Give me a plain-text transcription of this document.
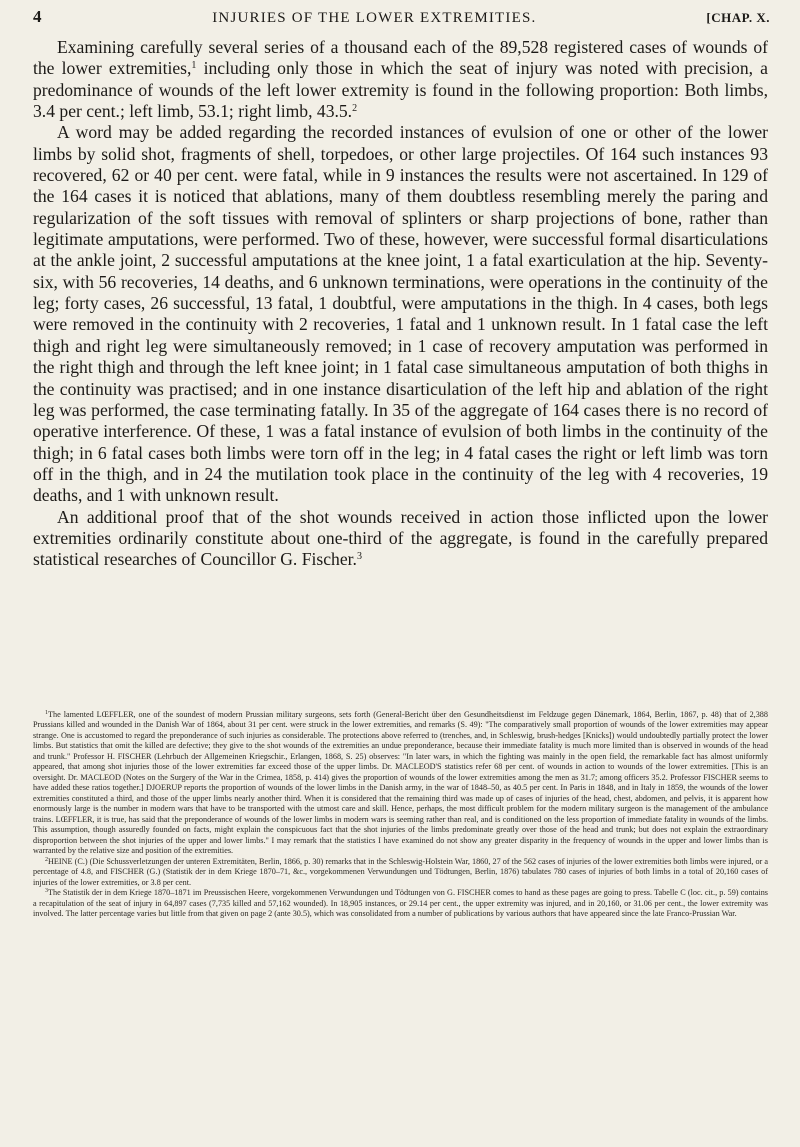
4	INJURIES OF THE LOWER EXTREMITIES.	[CHAP. X.

Examining carefully several series of a thousand each of the 89,528 registered cases of wounds of the lower extremities,$^1$ including only those in which the seat of injury was noted with precision, a predominance of wounds of the left lower extremity is found in the following proportion: Both limbs, 3.4 per cent.; left limb, 53.1; right limb, 43.5.$^2$

A word may be added regarding the recorded instances of evulsion of one or other of the lower limbs by solid shot, fragments of shell, torpedoes, or other large projectiles. Of 164 such instances 93 recovered, 62 or 40 per cent. were fatal, while in 9 instances the results were not ascertained. In 129 of the 164 cases it is noticed that ablations, many of them doubtless resembling merely the paring and regularization of the soft tissues with removal of splinters or sharp projections of bone, rather than legitimate amputations, were performed. Two of these, however, were successful formal disarticulations at the ankle joint, 2 successful amputations at the knee joint, 1 a fatal exarticulation at the hip. Seventy-six, with 56 recoveries, 14 deaths, and 6 unknown terminations, were operations in the continuity of the leg; forty cases, 26 successful, 13 fatal, 1 doubtful, were amputations in the thigh. In 4 cases, both legs were removed in the continuity with 2 recoveries, 1 fatal and 1 unknown result. In 1 fatal case the left thigh and right leg were simultaneously removed; in 1 case of recovery amputation was performed in the right thigh and through the left knee joint; in 1 fatal case simultaneous amputation of both thighs in the continuity was practised; and in one instance disarticulation of the left hip and ablation of the right leg was performed, the case terminating fatally. In 35 of the aggregate of 164 cases there is no record of operative interference. Of these, 1 was a fatal instance of evulsion of both limbs in the continuity of the thigh; in 6 fatal cases both limbs were torn off in the leg; in 4 fatal cases the right or left limb was torn off in the thigh, and in 24 the mutilation took place in the continuity of the leg with 4 recoveries, 19 deaths, and 1 with unknown result.

An additional proof that of the shot wounds received in action those inflicted upon the lower extremities ordinarily constitute about one-third of the aggregate, is found in the carefully prepared statistical researches of Councillor G. Fischer.$^3$

$^1$The lamented LŒFFLER, one of the soundest of modern Prussian military surgeons, sets forth (General-Bericht über den Gesundheitsdienst im Feldzuge gegen Dänemark, 1864, Berlin, 1867, p. 48) that of 2,388 Prussians killed and wounded in the Danish War of 1864, about 31 per cent. were struck in the lower extremities, and remarks (S. 49): "The comparatively small proportion of wounds of the lower extremities may appear strange. One is accustomed to regard the preponderance of such injuries as considerable. The protections above referred to (trenches, and, in Schleswig, brush-hedges [Knicks]) would undoubtedly partially protect the lower limbs. But statistics that omit the killed are defective; they give to the shot wounds of the extremities an undue preponderance, because their immediate fatality is much more limited than is observed in wounds of the head and trunk." Professor H. FISCHER (Lehrbuch der Allgemeinen Kriegschir., Erlangen, 1868, S. 25) observes: "In later wars, in which the fighting was mainly in the open field, the remarkable fact has almost uniformly appeared, that among shot injuries those of the lower extremities far exceed those of the upper limbs. Dr. MACLEOD'S statistics refer 68 per cent. of wounds in action to wounds of the lower extremities. [This is an oversight. Dr. MACLEOD (Notes on the Surgery of the War in the Crimea, 1858, p. 414) gives the proportion of wounds of the lower extremities among the men as 31.7; among officers 35.2. Professor FISCHER seems to have added these ratios together.] DJOERUP reports the proportion of wounds of the lower limbs in the Danish army, in the war of 1848–50, as 40.5 per cent. In Paris in 1848, and in Italy in 1859, the wounds of the lower extremities constituted a third, and those of the upper limbs nearly another third. When it is considered that the remaining third was made up of cases of injuries of the head, chest, abdomen, and pelvis, it is apparent how enormously large is the number in modern wars that have to be transported with the utmost care and skill. Hence, perhaps, the most difficult problem for the modern military surgeon is the management of the ambulance trains. LŒFFLER, it is true, has said that the preponderance of wounds of the lower limbs in modern wars is seeming rather than real, and is conditioned on the less proportion of immediate fatality in wounds of the limbs. This assumption, though assuredly founded on facts, might explain the conspicuous fact that the shot injuries of the limbs predominate greatly over those of the head and trunk; but does not explain the extraordinary disproportion between the shot injuries of the upper and lower limbs." I may remark that the statistics I have examined do not show any greater disparity in the frequency of wounds in the upper and lower limbs than is warranted by the relative size and position of the extremities.

$^2$HEINE (C.) (Die Schussverletzungen der unteren Extremitäten, Berlin, 1866, p. 30) remarks that in the Schleswig-Holstein War, 1860, 27 of the 562 cases of injuries of the lower extremities both limbs were injured, or a percentage of 4.8, and FISCHER (G.) (Statistik der in dem Kriege 1870–71, &c., vorgekommenen Verwundungen und Tödtungen, Berlin, 1876) tabulates 780 cases of injuries of both limbs in a total of 20,160 cases of injuries of the lower extremities, or 3.8 per cent.

$^3$The Statistik der in dem Kriege 1870–1871 im Preussischen Heere, vorgekommenen Verwundungen und Tödtungen von G. FISCHER comes to hand as these pages are going to press. Tabelle C (loc. cit., p. 59) contains a recapitulation of the seat of injury in 64,897 cases (7,735 killed and 57,162 wounded). In 18,905 instances, or 29.14 per cent., the upper extremity was injured, and in 20,160, or 31.06 per cent., the lower extremity was involved. The latter percentage varies but little from that given on page 2 (ante 30.5), which was consolidated from a number of publications by various authors that have appeared since the late Franco-Prussian War.
